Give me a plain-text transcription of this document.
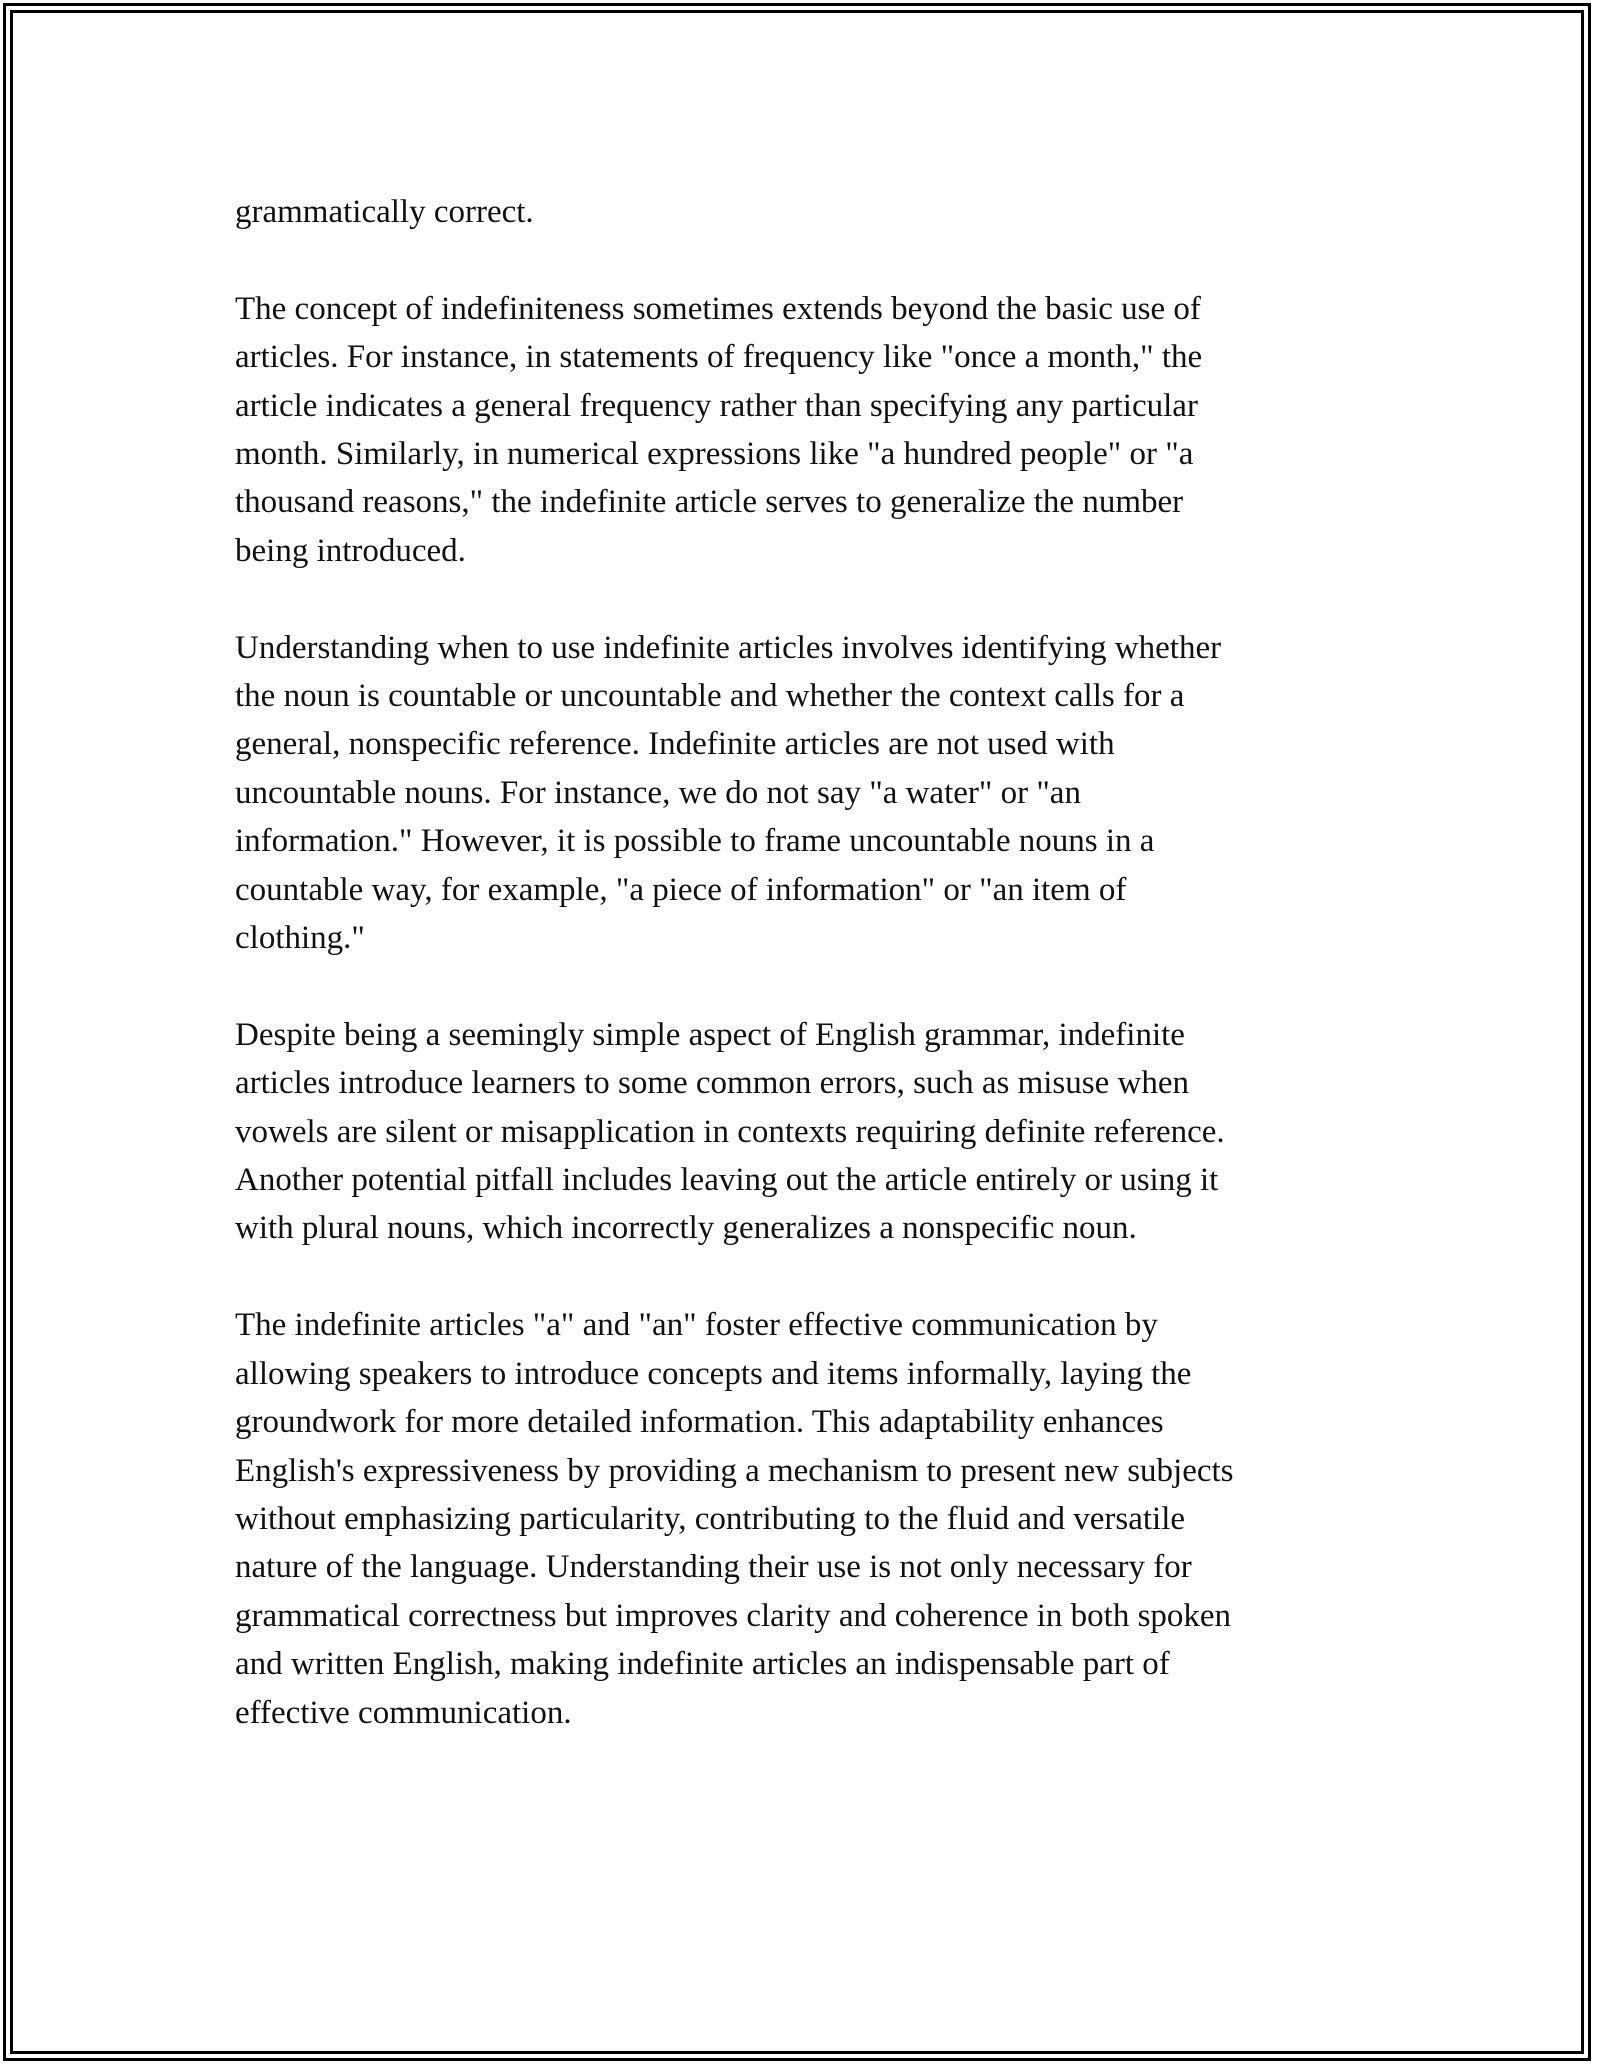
grammatically correct.

The concept of indefiniteness sometimes extends beyond the basic use of
articles. For instance, in statements of frequency like "once a month," the
article indicates a general frequency rather than specifying any particular
month. Similarly, in numerical expressions like "a hundred people" or "a
thousand reasons," the indefinite article serves to generalize the number
being introduced.

Understanding when to use indefinite articles involves identifying whether
the noun is countable or uncountable and whether the context calls for a
general, nonspecific reference. Indefinite articles are not used with
uncountable nouns. For instance, we do not say "a water" or "an
information." However, it is possible to frame uncountable nouns in a
countable way, for example, "a piece of information" or "an item of
clothing."

Despite being a seemingly simple aspect of English grammar, indefinite
articles introduce learners to some common errors, such as misuse when
vowels are silent or misapplication in contexts requiring definite reference.
Another potential pitfall includes leaving out the article entirely or using it
with plural nouns, which incorrectly generalizes a nonspecific noun.

The indefinite articles "a" and "an" foster effective communication by
allowing speakers to introduce concepts and items informally, laying the
groundwork for more detailed information. This adaptability enhances
English's expressiveness by providing a mechanism to present new subjects
without emphasizing particularity, contributing to the fluid and versatile
nature of the language. Understanding their use is not only necessary for
grammatical correctness but improves clarity and coherence in both spoken
and written English, making indefinite articles an indispensable part of
effective communication.
